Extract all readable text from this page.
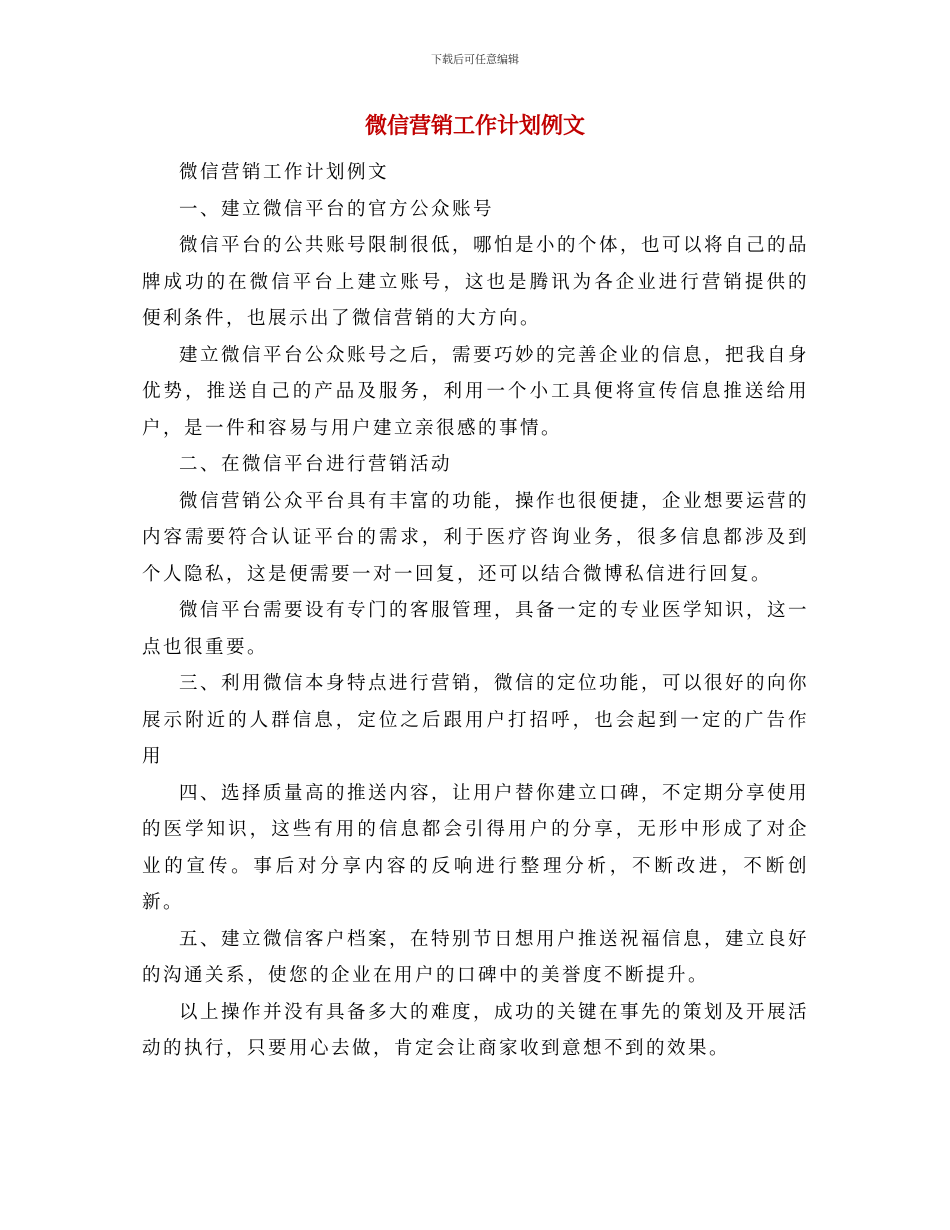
下载后可任意编辑
微信营销工作计划例文

微信营销工作计划例文

一、建立微信平台的官方公众账号

微信平台的公共账号限制很低，哪怕是小的个体，也可以将自己的品牌成功的在微信平台上建立账号，这也是腾讯为各企业进行营销提供的便利条件，也展示出了微信营销的大方向。

建立微信平台公众账号之后，需要巧妙的完善企业的信息，把我自身优势，推送自己的产品及服务，利用一个小工具便将宣传信息推送给用户，是一件和容易与用户建立亲很感的事情。

二、在微信平台进行营销活动

微信营销公众平台具有丰富的功能，操作也很便捷，企业想要运营的内容需要符合认证平台的需求，利于医疗咨询业务，很多信息都涉及到个人隐私，这是便需要一对一回复，还可以结合微博私信进行回复。

微信平台需要设有专门的客服管理，具备一定的专业医学知识，这一点也很重要。

三、利用微信本身特点进行营销，微信的定位功能，可以很好的向你展示附近的人群信息，定位之后跟用户打招呼，也会起到一定的广告作用

四、选择质量高的推送内容，让用户替你建立口碑，不定期分享使用的医学知识，这些有用的信息都会引得用户的分享，无形中形成了对企业的宣传。事后对分享内容的反响进行整理分析，不断改进，不断创新。

五、建立微信客户档案，在特别节日想用户推送祝福信息，建立良好的沟通关系，使您的企业在用户的口碑中的美誉度不断提升。

以上操作并没有具备多大的难度，成功的关键在事先的策划及开展活动的执行，只要用心去做，肯定会让商家收到意想不到的效果。
